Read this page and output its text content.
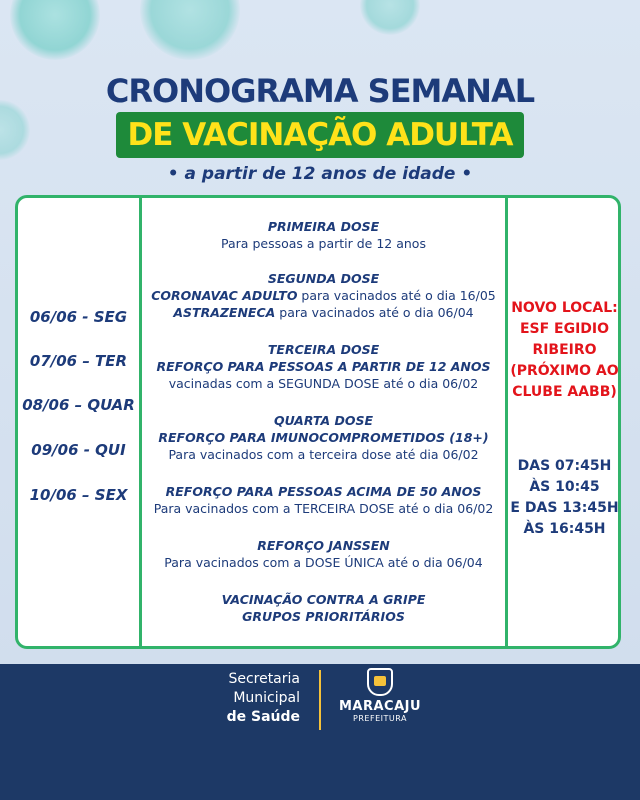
CRONOGRAMA SEMANAL
DE VACINAÇÃO ADULTA
• a partir de 12 anos de idade •
06/06 - SEG
07/06 – TER
08/06 – QUAR
09/06 - QUI
10/06 – SEX
PRIMEIRA DOSE
Para pessoas a partir de 12 anos
SEGUNDA DOSE
CORONAVAC ADULTO para vacinados até o dia 16/05
ASTRAZENECA para vacinados até o dia 06/04
TERCEIRA DOSE
REFORÇO PARA PESSOAS A PARTIR DE 12 ANOS
vacinadas com a SEGUNDA DOSE até o dia 06/02
QUARTA DOSE
REFORÇO PARA IMUNOCOMPROMETIDOS (18+)
Para vacinados com a terceira dose até dia 06/02
REFORÇO PARA PESSOAS ACIMA DE 50 ANOS
Para vacinados com a TERCEIRA DOSE até o dia 06/02
REFORÇO JANSSEN
Para vacinados com a DOSE ÚNICA até o dia 06/04
VACINAÇÃO CONTRA A GRIPE
GRUPOS PRIORITÁRIOS
NOVO LOCAL:
ESF EGIDIO
RIBEIRO
(PRÓXIMO AO
CLUBE AABB)
DAS 07:45H
ÀS 10:45
E DAS 13:45H
ÀS 16:45H
Secretaria
Municipal
de Saúde
MARACAJU
PREFEITURA
